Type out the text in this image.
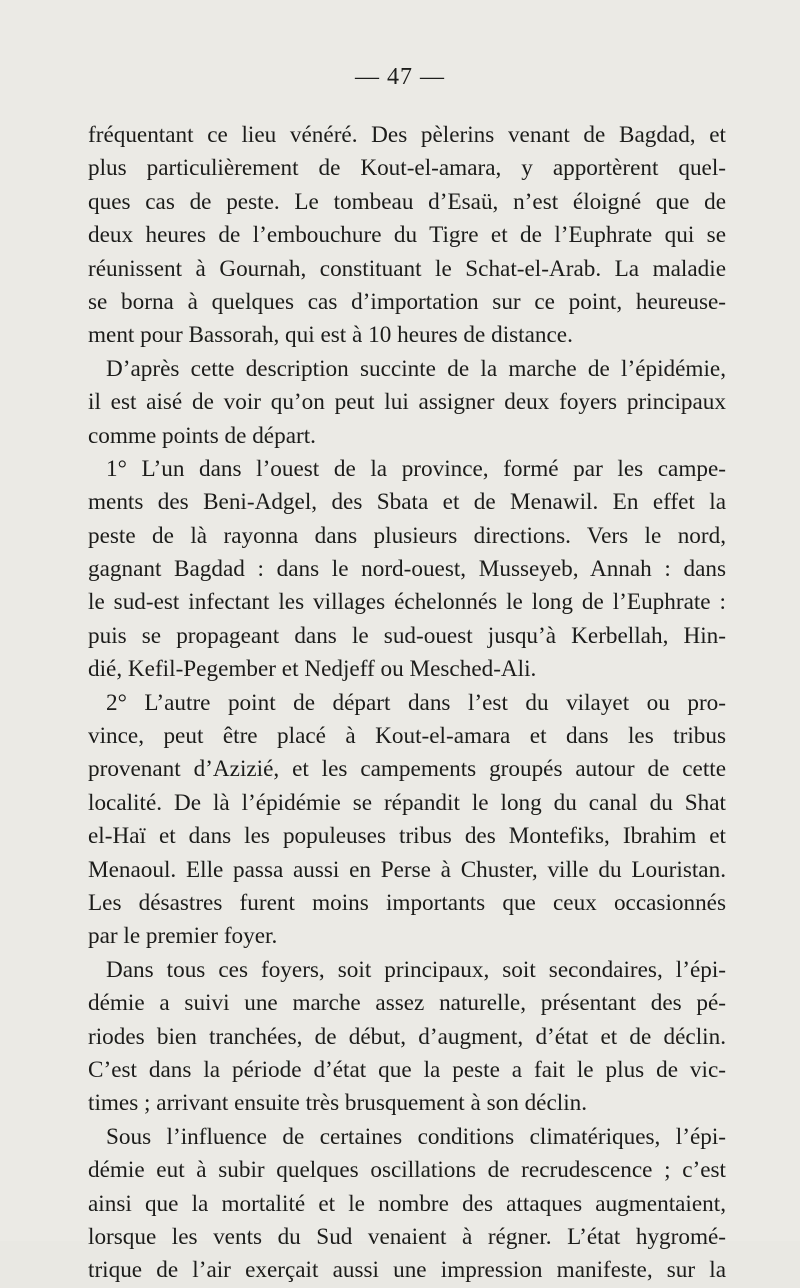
— 47 —
fréquentant ce lieu vénéré. Des pèlerins venant de Bagdad, et
plus particulièrement de Kout-el-amara, y apportèrent quel-
ques cas de peste. Le tombeau d’Esaü, n’est éloigné que de
deux heures de l’embouchure du Tigre et de l’Euphrate qui se
réunissent à Gournah, constituant le Schat-el-Arab. La maladie
se borna à quelques cas d’importation sur ce point, heureuse-
ment pour Bassorah, qui est à 10 heures de distance.
D’après cette description succinte de la marche de l’épidémie,
il est aisé de voir qu’on peut lui assigner deux foyers principaux
comme points de départ.
1° L’un dans l’ouest de la province, formé par les campe-
ments des Beni-Adgel, des Sbata et de Menawil. En effet la
peste de là rayonna dans plusieurs directions. Vers le nord,
gagnant Bagdad : dans le nord-ouest, Musseyeb, Annah : dans
le sud-est infectant les villages échelonnés le long de l’Euphrate :
puis se propageant dans le sud-ouest jusqu’à Kerbellah, Hin-
dié, Kefil-Pegember et Nedjeff ou Mesched-Ali.
2° L’autre point de départ dans l’est du vilayet ou pro-
vince, peut être placé à Kout-el-amara et dans les tribus
provenant d’Azizié, et les campements groupés autour de cette
localité. De là l’épidémie se répandit le long du canal du Shat
el-Haï et dans les populeuses tribus des Montefiks, Ibrahim et
Menaoul. Elle passa aussi en Perse à Chuster, ville du Louristan.
Les désastres furent moins importants que ceux occasionnés
par le premier foyer.
Dans tous ces foyers, soit principaux, soit secondaires, l’épi-
démie a suivi une marche assez naturelle, présentant des pé-
riodes bien tranchées, de début, d’augment, d’état et de déclin.
C’est dans la période d’état que la peste a fait le plus de vic-
times ; arrivant ensuite très brusquement à son déclin.
Sous l’influence de certaines conditions climatériques, l’épi-
démie eut à subir quelques oscillations de recrudescence ; c’est
ainsi que la mortalité et le nombre des attaques augmentaient,
lorsque les vents du Sud venaient à régner. L’état hygromé-
trique de l’air exerçait aussi une impression manifeste, sur la
